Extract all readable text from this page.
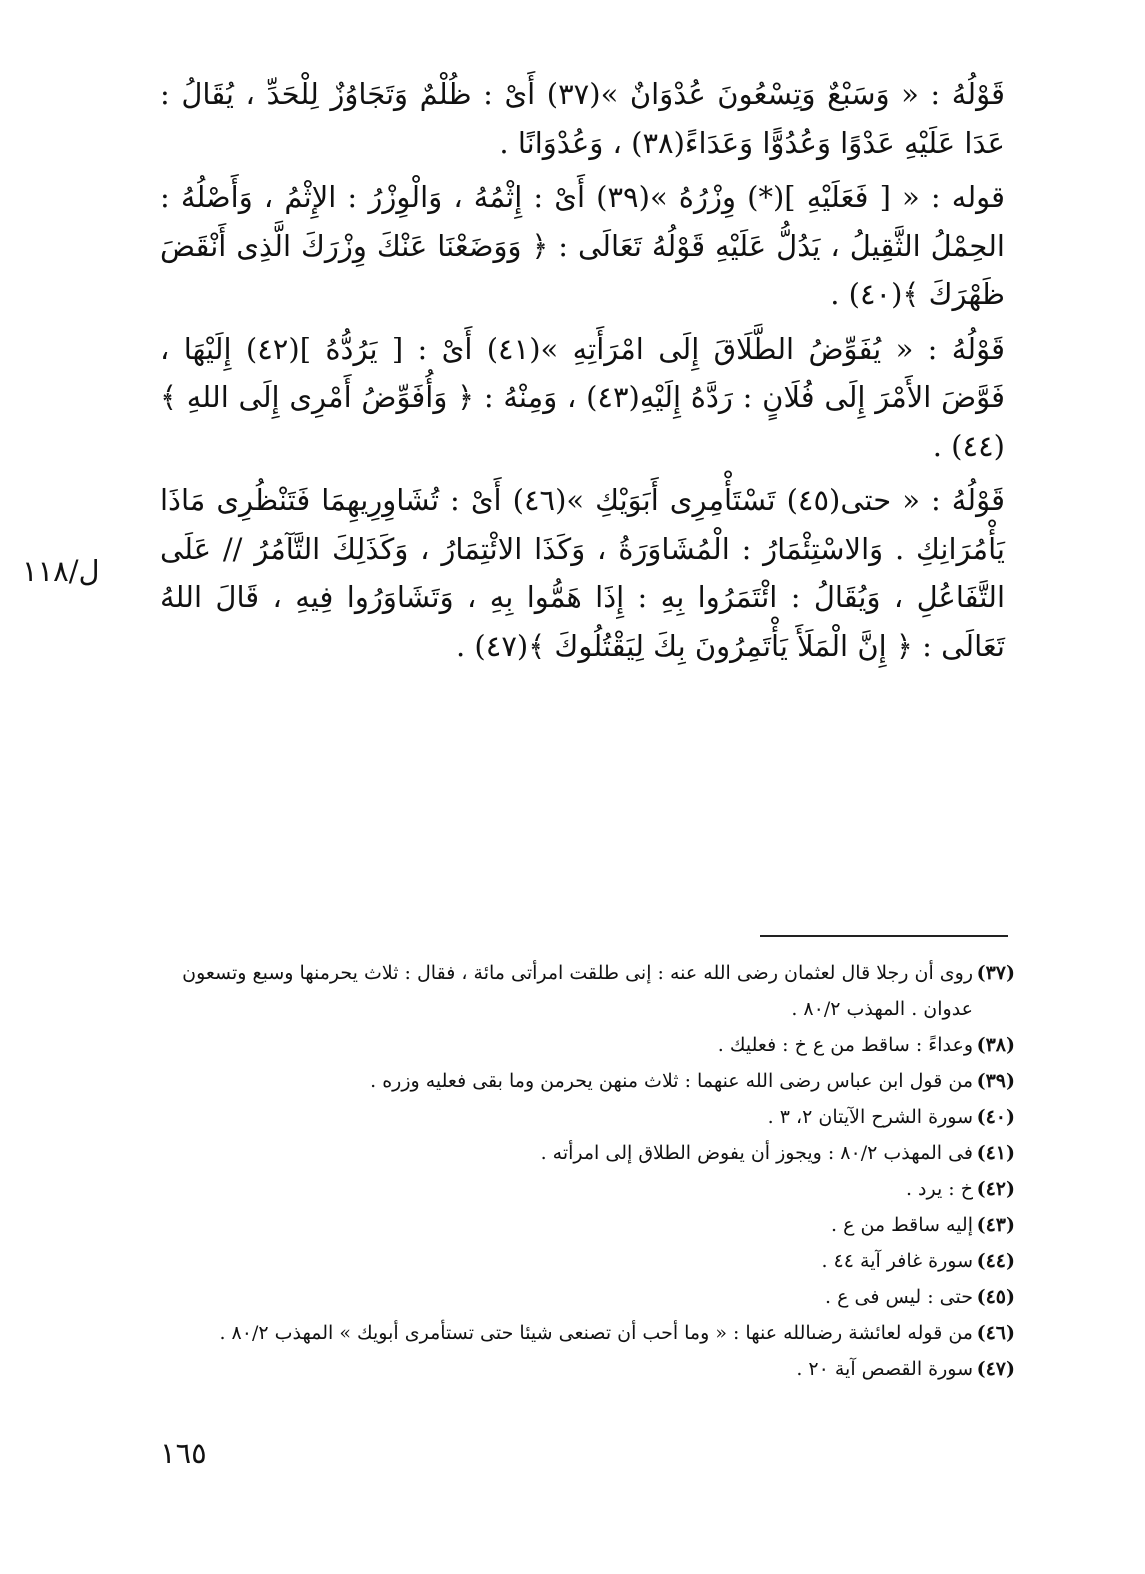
قَوْلُهُ : « وَسَبْعٌ وَتِسْعُونَ عُدْوَانٌ »(٣٧) أَىْ : ظُلْمٌ وَتَجَاوُزٌ لِلْحَدِّ ، يُقَالُ : عَدَا عَلَيْهِ عَدْوًا وَعُدُوًّا وَعَدَاءً(٣٨) ، وَعُدْوَانًا .

قوله : « [ فَعَلَيْهِ ](*) وِزْرُهُ »(٣٩) أَىْ : إِثْمُهُ ، وَالْوِزْرُ : الإِثْمُ ، وَأَصْلُهُ : الحِمْلُ الثَّقِيلُ ، يَدُلُّ عَلَيْهِ قَوْلُهُ تَعَالَى : ﴿ وَوَضَعْنَا عَنْكَ وِزْرَكَ الَّذِى أَنْقَضَ ظَهْرَكَ ﴾(٤٠) .

قَوْلُهُ : « يُفَوِّضُ الطَّلَاقَ إِلَى امْرَأَتِهِ »(٤١) أَىْ : [ يَرُدُّهُ ](٤٢) إِلَيْهَا ، فَوَّضَ الأَمْرَ إِلَى فُلَانٍ : رَدَّهُ إِلَيْهِ(٤٣) ، وَمِنْهُ : ﴿ وَأُفَوِّضُ أَمْرِى إِلَى اللهِ ﴾(٤٤) .

قَوْلُهُ : « حتى(٤٥) تَسْتَأْمِرِى أَبَوَيْكِ »(٤٦) أَىْ : تُشَاوِرِيهِمَا فَتَنْظُرِى مَاذَا يَأْمُرَانِكِ . وَالاسْتِئْمَارُ : الْمُشَاوَرَةُ ، وَكَذَا الائْتِمَارُ ، وَكَذَلِكَ التَّآمُرُ // عَلَى التَّفَاعُلِ ، وَيُقَالُ : ائْتَمَرُوا بِهِ : إِذَا هَمُّوا بِهِ ، وَتَشَاوَرُوا فِيهِ ، قَالَ اللهُ تَعَالَى : ﴿ إِنَّ الْمَلَأَ يَأْتَمِرُونَ بِكَ لِيَقْتُلُوكَ ﴾(٤٧) .

ل/١١٨
(٣٧)
روى أن رجلا قال لعثمان رضى الله عنه : إنى طلقت امرأتى مائة ، فقال : ثلاث يحرمنها وسبع وتسعون عدوان . المهذب ٨٠/٢ .
(٣٨)
وعداءً : ساقط من ع خ : فعليك .
(٣٩)
من قول ابن عباس رضى الله عنهما : ثلاث منهن يحرمن وما بقى فعليه وزره .
(٤٠)
سورة الشرح الآيتان ٢، ٣ .
(٤١)
فى المهذب ٨٠/٢ : ويجوز أن يفوض الطلاق إلى امرأته .
(٤٢)
خ : يرد .
(٤٣)
إليه ساقط من ع .
(٤٤)
سورة غافر آية ٤٤ .
(٤٥)
حتى : ليس فى ع .
(٤٦)
من قوله لعائشة رضىالله عنها : « وما أحب أن تصنعى شيئا حتى تستأمرى أبويك » المهذب ٨٠/٢ .
(٤٧)
سورة القصص آية ٢٠ .
١٦٥
